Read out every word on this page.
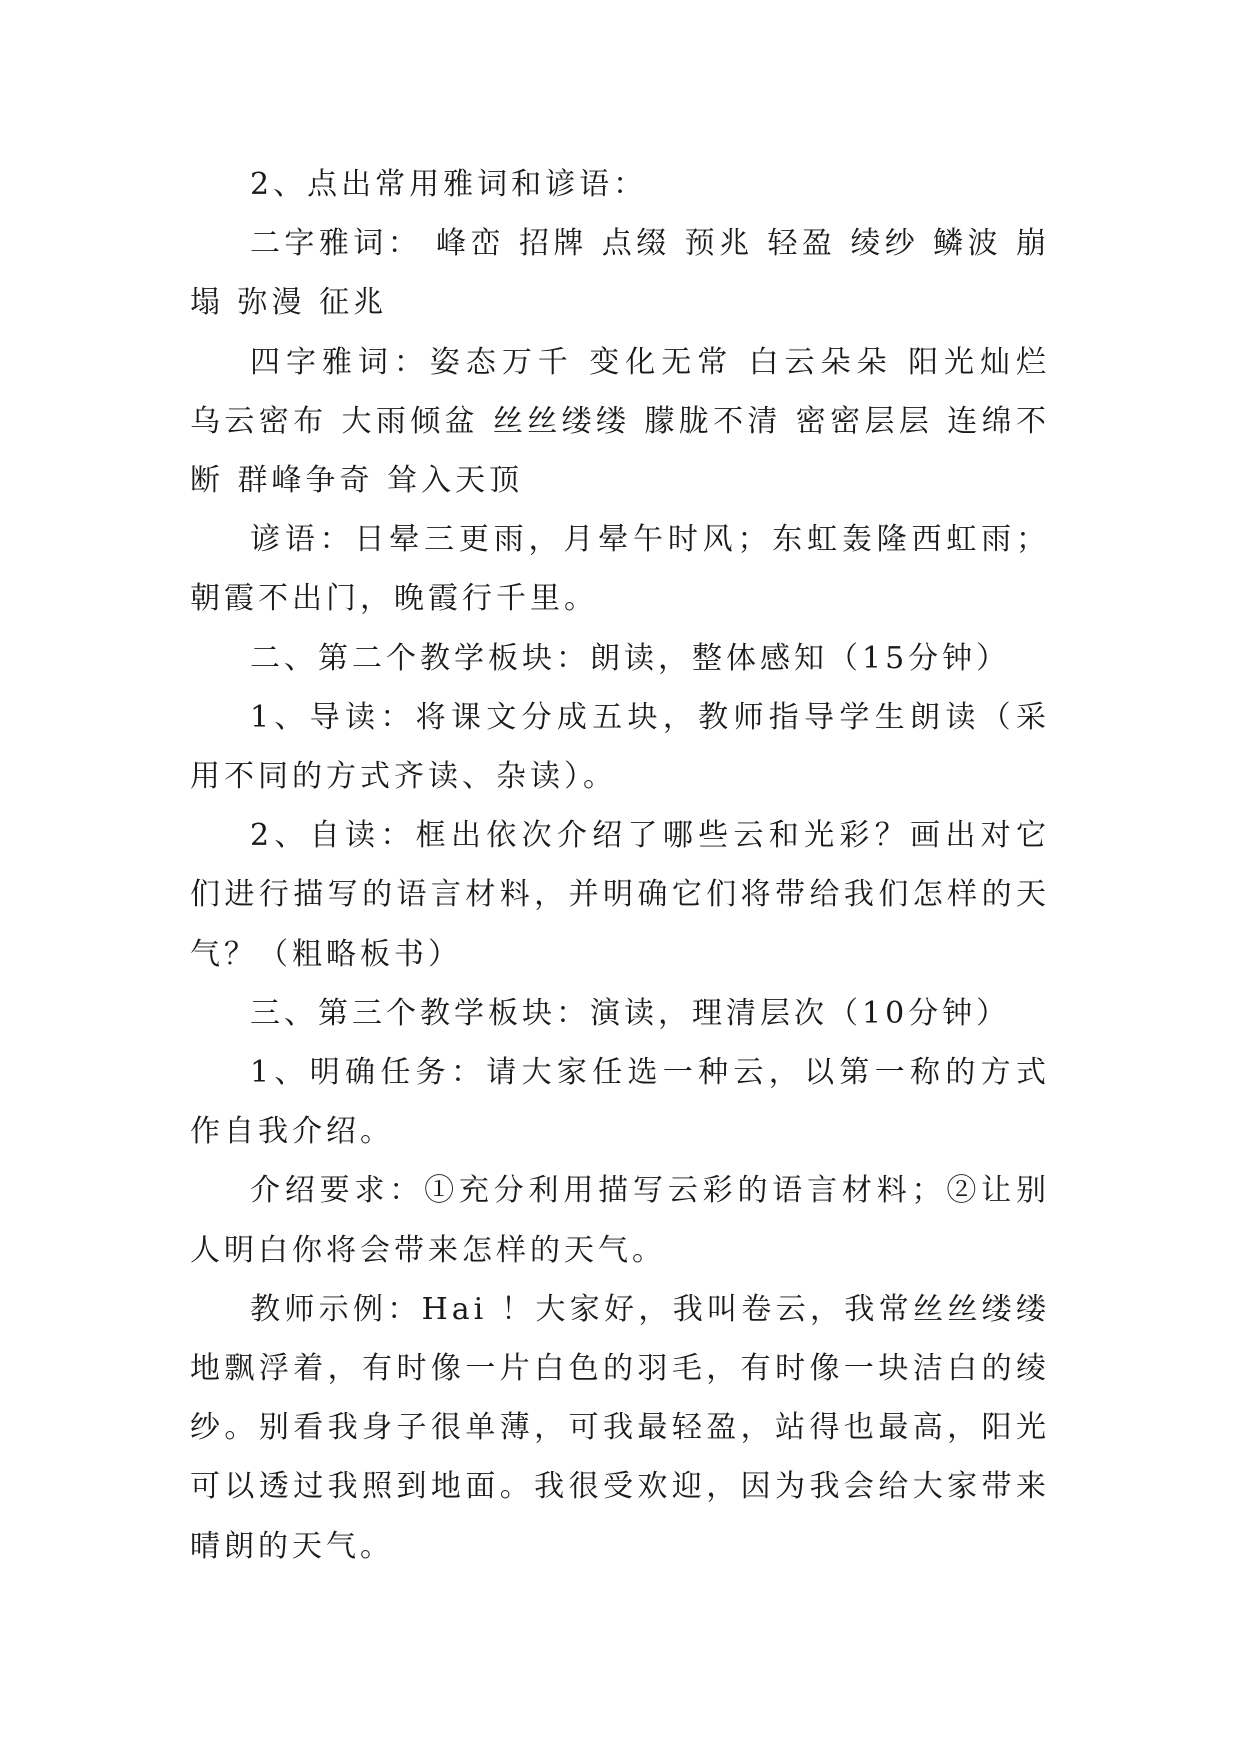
2、点出常用雅词和谚语：

二字雅词： 峰峦 招牌 点缀 预兆 轻盈 绫纱 鳞波 崩塌 弥漫 征兆

四字雅词：姿态万千 变化无常 白云朵朵 阳光灿烂 乌云密布 大雨倾盆 丝丝缕缕 朦胧不清 密密层层 连绵不断 群峰争奇 耸入天顶

谚语：日晕三更雨，月晕午时风；东虹轰隆西虹雨；朝霞不出门，晚霞行千里。

二、第二个教学板块：朗读，整体感知（15分钟）

1、导读：将课文分成五块，教师指导学生朗读（采用不同的方式齐读、杂读）。

2、自读：框出依次介绍了哪些云和光彩？画出对它们进行描写的语言材料，并明确它们将带给我们怎样的天气？（粗略板书）

三、第三个教学板块：演读，理清层次（10分钟）

1、明确任务：请大家任选一种云，以第一称的方式作自我介绍。

介绍要求：①充分利用描写云彩的语言材料；②让别人明白你将会带来怎样的天气。

教师示例：Hai ！大家好，我叫卷云，我常丝丝缕缕地飘浮着，有时像一片白色的羽毛，有时像一块洁白的绫纱。别看我身子很单薄，可我最轻盈，站得也最高，阳光可以透过我照到地面。我很受欢迎，因为我会给大家带来晴朗的天气。
